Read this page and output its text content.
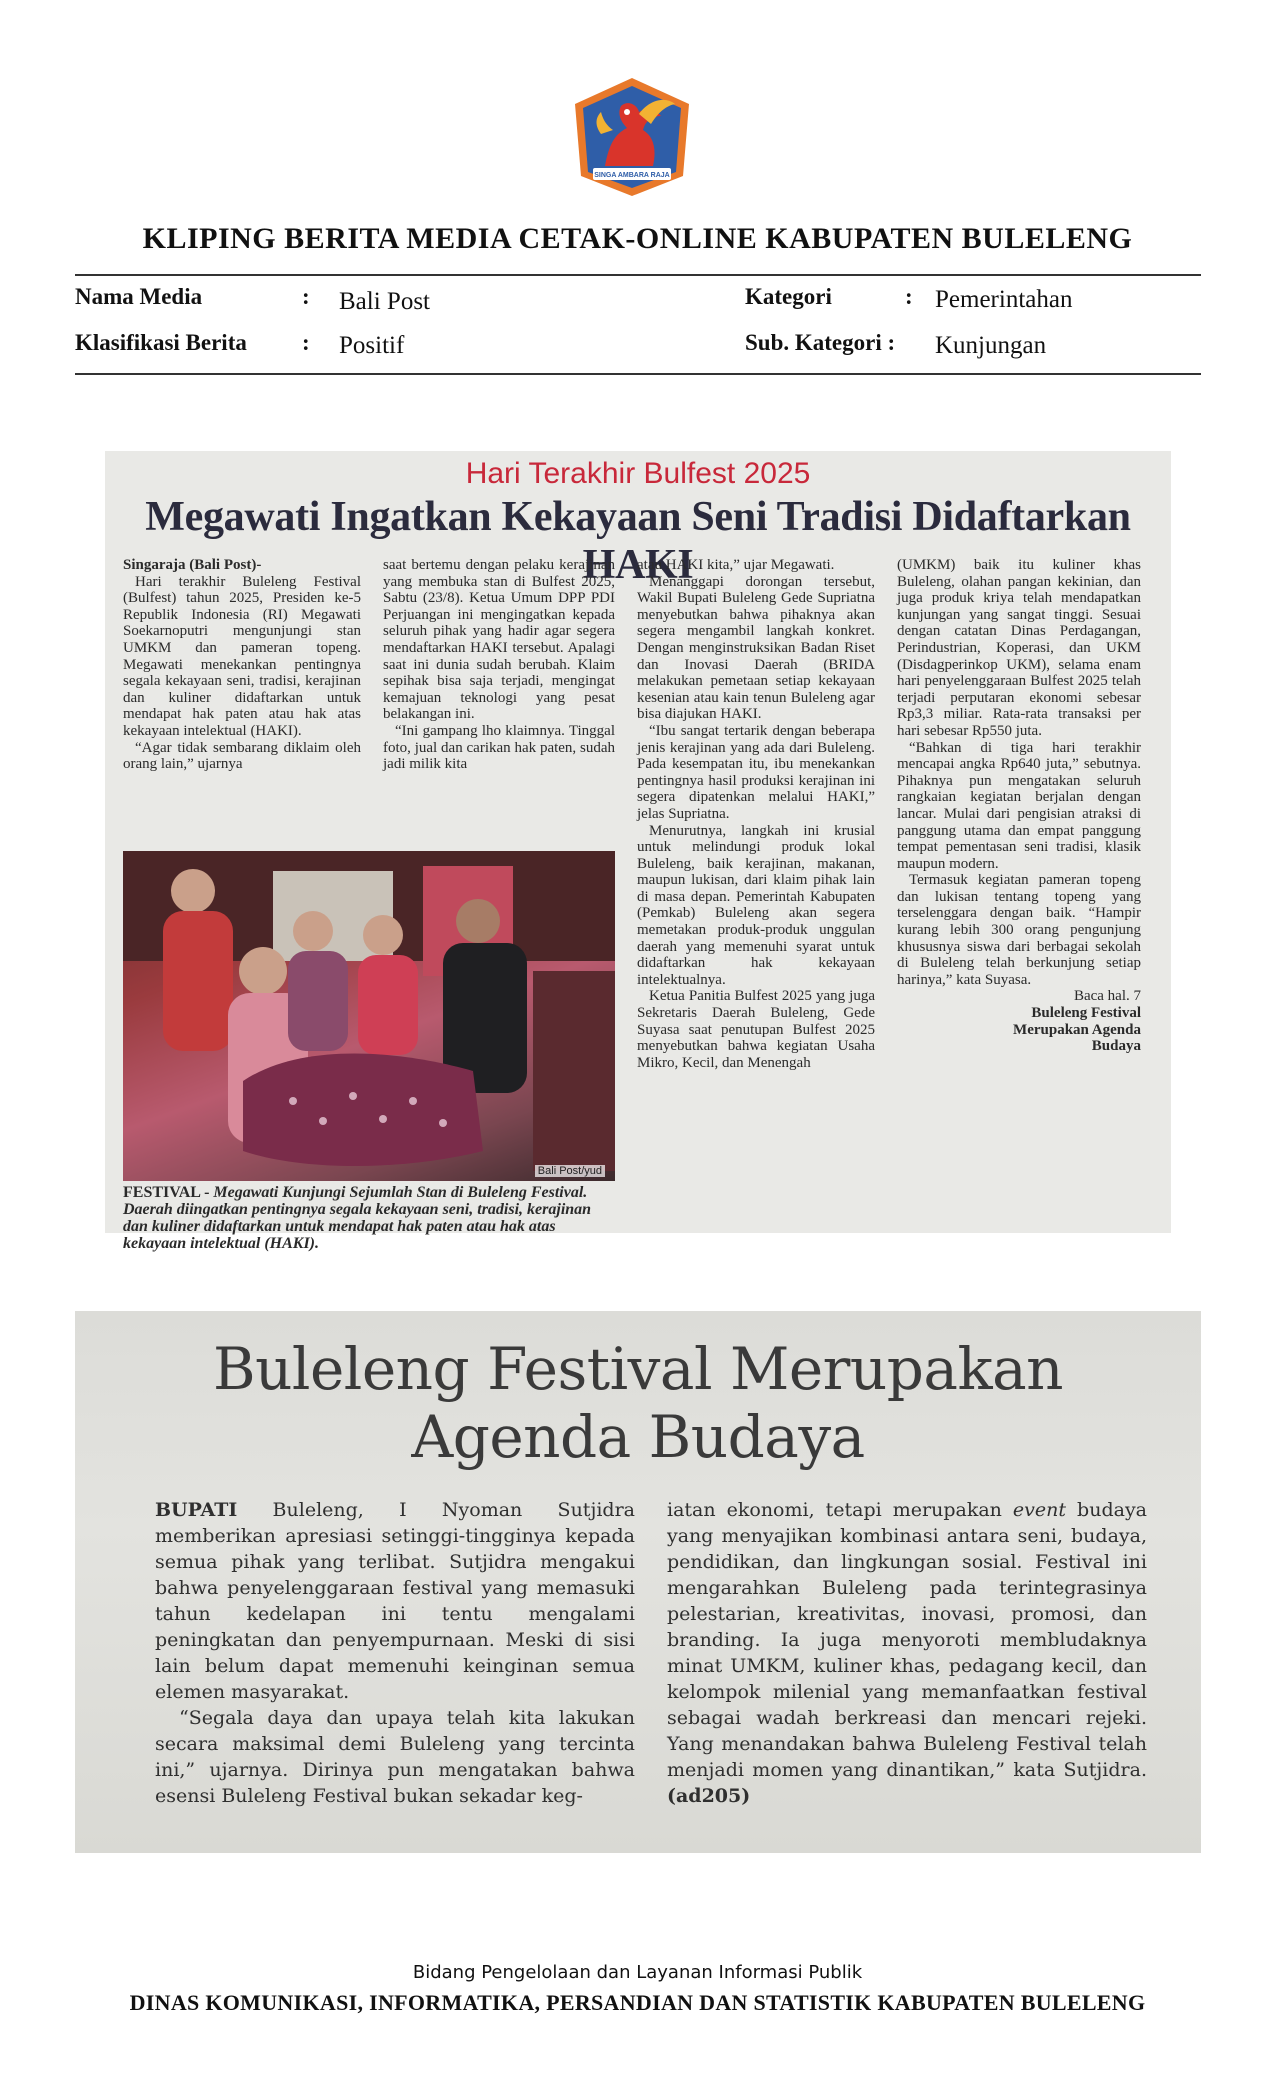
SINGA AMBARA RAJA
KLIPING BERITA MEDIA CETAK-ONLINE KABUPATEN BULELENG
Nama Media	: Bali Post	Kategori	: Pemerintahan
Klasifikasi Berita : Positif	Sub. Kategori : Kunjungan
Hari Terakhir Bulfest 2025
Megawati Ingatkan Kekayaan Seni Tradisi Didaftarkan HAKI

Singaraja (Bali Post)-

Hari terakhir Buleleng Festival (Bulfest) tahun 2025, Presiden ke-5 Republik Indonesia (RI) Megawati Soekarnoputri mengunjungi stan UMKM dan pameran topeng. Megawati menekankan pentingnya segala kekayaan seni, tradisi, kerajinan dan kuliner didaftarkan untuk mendapat hak paten atau hak atas kekayaan intelektual (HAKI).

“Agar tidak sembarang diklaim oleh orang lain,” ujarnya

saat bertemu dengan pelaku kerajinan yang membuka stan di Bulfest 2025, Sabtu (23/8). Ketua Umum DPP PDI Perjuangan ini mengingatkan kepada seluruh pihak yang hadir agar segera mendaftarkan HAKI tersebut. Apalagi saat ini dunia sudah berubah. Klaim sepihak bisa saja terjadi, mengingat kemajuan teknologi yang pesat belakangan ini.

“Ini gampang lho klaimnya. Tinggal foto, jual dan carikan hak paten, sudah jadi milik kita

Bali Post/yud
FESTIVAL - Megawati Kunjungi Sejumlah Stan di Buleleng Festival. Daerah diingatkan pentingnya segala kekayaan seni, tradisi, kerajinan dan kuliner didaftarkan untuk mendapat hak paten atau hak atas kekayaan intelektual (HAKI).

atau HAKI kita,” ujar Megawati.

Menanggapi dorongan tersebut, Wakil Bupati Buleleng Gede Supriatna menyebutkan bahwa pihaknya akan segera mengambil langkah konkret. Dengan menginstruksikan Badan Riset dan Inovasi Daerah (BRIDA melakukan pemetaan setiap kekayaan kesenian atau kain tenun Buleleng agar bisa diajukan HAKI.

“Ibu sangat tertarik dengan beberapa jenis kerajinan yang ada dari Buleleng. Pada kesempatan itu, ibu menekankan pentingnya hasil produksi kerajinan ini segera dipatenkan melalui HAKI,” jelas Supriatna.

Menurutnya, langkah ini krusial untuk melindungi produk lokal Buleleng, baik kerajinan, makanan, maupun lukisan, dari klaim pihak lain di masa depan. Pemerintah Kabupaten (Pemkab) Buleleng akan segera memetakan produk-produk unggulan daerah yang memenuhi syarat untuk didaftarkan hak kekayaan intelektualnya.

Ketua Panitia Bulfest 2025 yang juga Sekretaris Daerah Buleleng, Gede Suyasa saat penutupan Bulfest 2025 menyebutkan bahwa kegiatan Usaha Mikro, Kecil, dan Menengah

(UMKM) baik itu kuliner khas Buleleng, olahan pangan kekinian, dan juga produk kriya telah mendapatkan kunjungan yang sangat tinggi. Sesuai dengan catatan Dinas Perdagangan, Perindustrian, Koperasi, dan UKM (Disdagperinkop UKM), selama enam hari penyelenggaraan Bulfest 2025 telah terjadi perputaran ekonomi sebesar Rp3,3 miliar. Rata-rata transaksi per hari sebesar Rp550 juta.

“Bahkan di tiga hari terakhir mencapai angka Rp640 juta,” sebutnya. Pihaknya pun mengatakan seluruh rangkaian kegiatan berjalan dengan lancar. Mulai dari pengisian atraksi di panggung utama dan empat panggung tempat pementasan seni tradisi, klasik maupun modern.

Termasuk kegiatan pameran topeng dan lukisan tentang topeng yang terselenggara dengan baik. “Hampir kurang lebih 300 orang pengunjung khususnya siswa dari berbagai sekolah di Buleleng telah berkunjung setiap harinya,” kata Suyasa.

Baca hal. 7

Buleleng Festival Merupakan Agenda Budaya

Buleleng Festival Merupakan
Agenda Budaya

BUPATI Buleleng, I Nyoman Sutjidra memberikan apresiasi setinggi-tingginya kepada semua pihak yang terlibat. Sutjidra mengakui bahwa penyelenggaraan festival yang memasuki tahun kedelapan ini tentu mengalami peningkatan dan penyempurnaan. Meski di sisi lain belum dapat memenuhi keinginan semua elemen masyarakat.

“Segala daya dan upaya telah kita lakukan secara maksimal demi Buleleng yang tercinta ini,” ujarnya. Dirinya pun mengatakan bahwa esensi Buleleng Festival bukan sekadar keg-

iatan ekonomi, tetapi merupakan event budaya yang menyajikan kombinasi antara seni, budaya, pendidikan, dan lingkungan sosial. Festival ini mengarahkan Buleleng pada terintegrasinya pelestarian, kreativitas, inovasi, promosi, dan branding. Ia juga menyoroti membludaknya minat UMKM, kuliner khas, pedagang kecil, dan kelompok milenial yang memanfaatkan festival sebagai wadah berkreasi dan mencari rejeki. Yang menandakan bahwa Buleleng Festival telah menjadi momen yang dinantikan,” kata Sutjidra. (ad205)

Bidang Pengelolaan dan Layanan Informasi Publik
DINAS KOMUNIKASI, INFORMATIKA, PERSANDIAN DAN STATISTIK KABUPATEN BULELENG
